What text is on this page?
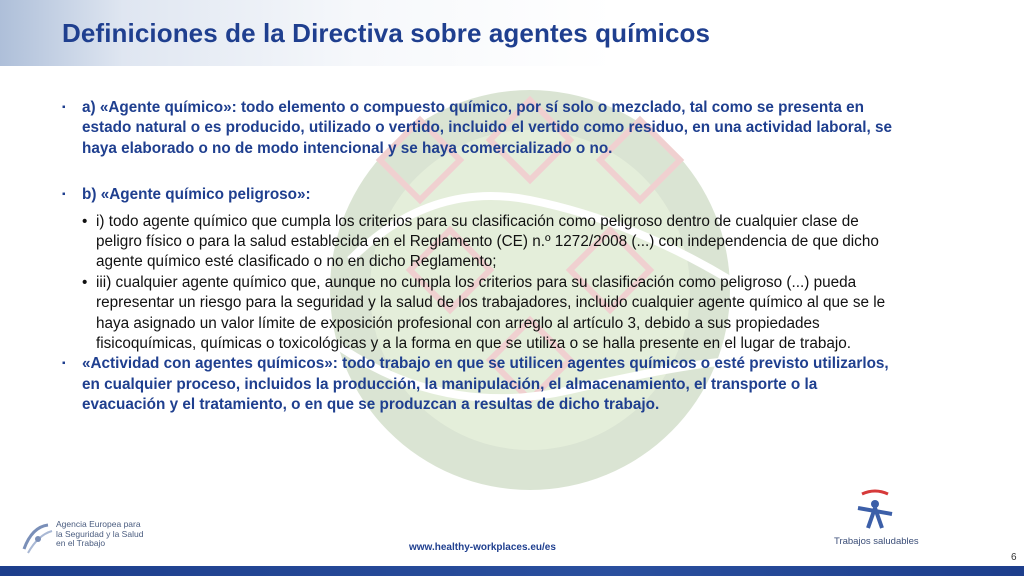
Definiciones de la Directiva sobre agentes químicos
▪ a) «Agente químico»: todo elemento o compuesto químico, por sí solo o mezclado, tal como se presenta en estado natural o es producido, utilizado o vertido, incluido el vertido como residuo, en una actividad laboral, se haya elaborado o no de modo intencional y se haya comercializado o no.
▪ b) «Agente químico peligroso»:
• i) todo agente químico que cumpla los criterios para su clasificación como peligroso dentro de cualquier clase de peligro físico o para la salud establecida en el Reglamento (CE) n.º 1272/2008 (...) con independencia de que dicho agente químico esté clasificado o no en dicho Reglamento;
• iii) cualquier agente químico que, aunque no cumpla los criterios para su clasificación como peligroso (...) pueda representar un riesgo para la seguridad y la salud de los trabajadores, incluido cualquier agente químico al que se le haya asignado un valor límite de exposición profesional con arreglo al artículo 3, debido a sus propiedades fisicoquímicas, químicas o toxicológicas y a la forma en que se utiliza o se halla presente en el lugar de trabajo.
▪ «Actividad con agentes químicos»: todo trabajo en que se utilicen agentes químicos o esté previsto utilizarlos, en cualquier proceso, incluidos la producción, la manipulación, el almacenamiento, el transporte o la evacuación y el tratamiento, o en que se produzcan a resultas de dicho trabajo.
Agencia Europea para
la Seguridad y la Salud
en el Trabajo	www.healthy-workplaces.eu/es
Trabajos saludables
6
